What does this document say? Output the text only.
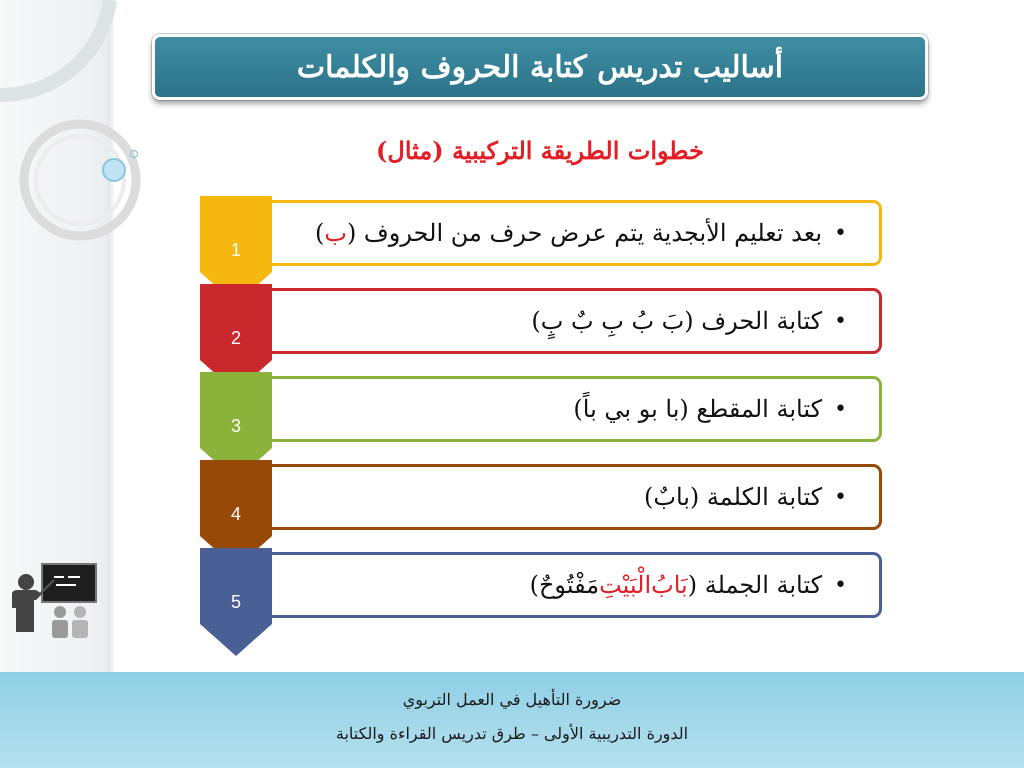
أساليب تدريس كتابة الحروف والكلمات
خطوات الطريقة التركيبية (مثال)
•
بعد تعليم الأبجدية يتم عرض حرف من الحروف (
ب
)
•
كتابة الحرف (بَ بُ بِ بٌ بٍ)
•
كتابة المقطع (با بو بي باً)
•
كتابة الكلمة (بابٌ)
•
كتابة الجملة (
بَابُ
الْبَيْتِ
مَفْتُوحٌ)
1
2
3
4
5
ضرورة التأهيل في العمل التربوي
الدورة التدريبية الأولى – طرق تدريس القراءة والكتابة
